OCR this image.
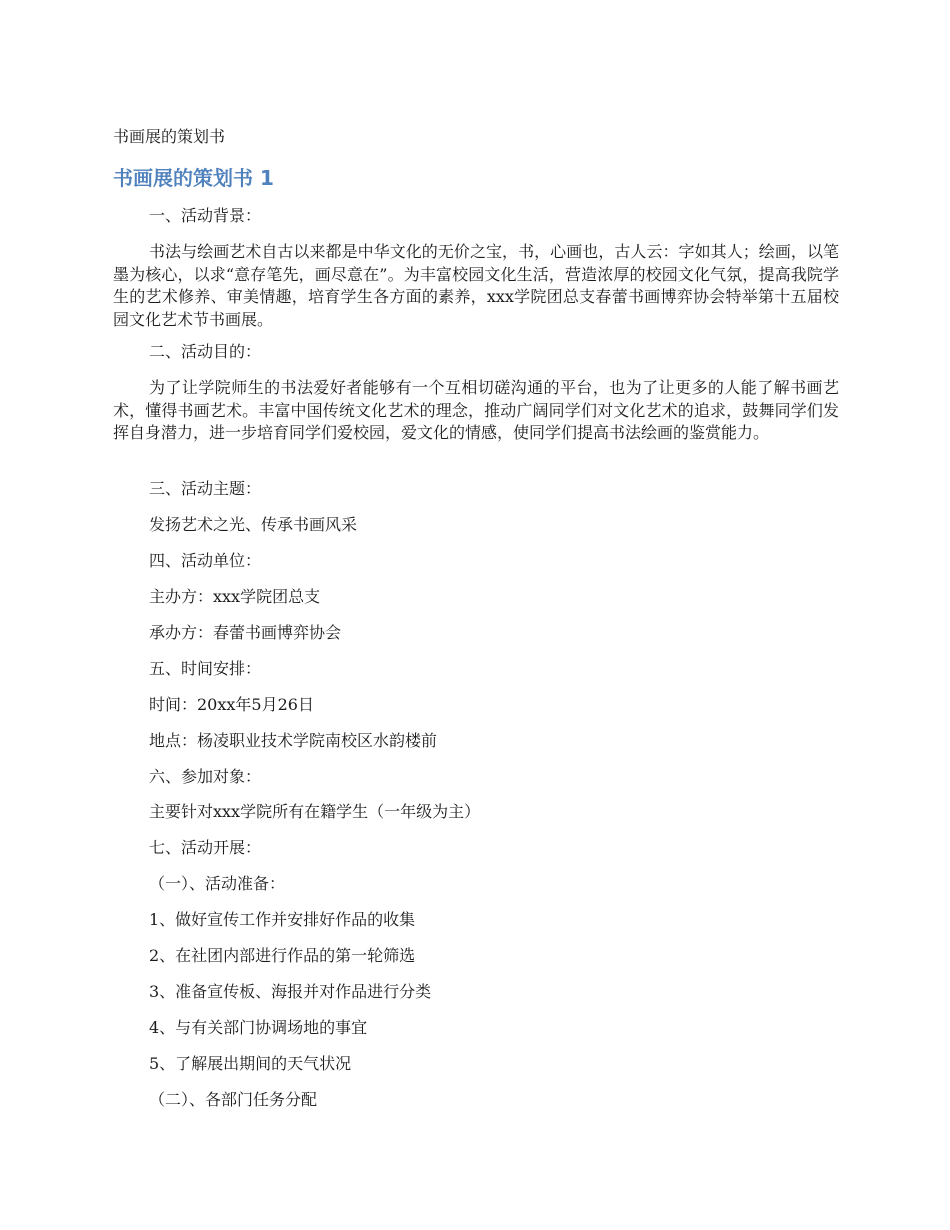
书画展的策划书

书画展的策划书 1

一、活动背景：

书法与绘画艺术自古以来都是中华文化的无价之宝，书，心画也，古人云：字如其人；绘画，以笔墨为核心，以求“意存笔先，画尽意在”。为丰富校园文化生活，营造浓厚的校园文化气氛，提高我院学生的艺术修养、审美情趣，培育学生各方面的素养，xxx学院团总支春蕾书画博弈协会特举第十五届校园文化艺术节书画展。

二、活动目的：

为了让学院师生的书法爱好者能够有一个互相切磋沟通的平台，也为了让更多的人能了解书画艺术，懂得书画艺术。丰富中国传统文化艺术的理念，推动广阔同学们对文化艺术的追求，鼓舞同学们发挥自身潜力，进一步培育同学们爱校园，爱文化的情感，使同学们提高书法绘画的鉴赏能力。

三、活动主题：

发扬艺术之光、传承书画风采

四、活动单位：

主办方：xxx学院团总支

承办方：春蕾书画博弈协会

五、时间安排：

时间：20xx年5月26日

地点：杨凌职业技术学院南校区水韵楼前

六、参加对象：

主要针对xxx学院所有在籍学生（一年级为主）

七、活动开展：

（一）、活动准备：

1、做好宣传工作并安排好作品的收集

2、在社团内部进行作品的第一轮筛选

3、准备宣传板、海报并对作品进行分类

4、与有关部门协调场地的事宜

5、了解展出期间的天气状况

（二）、各部门任务分配
